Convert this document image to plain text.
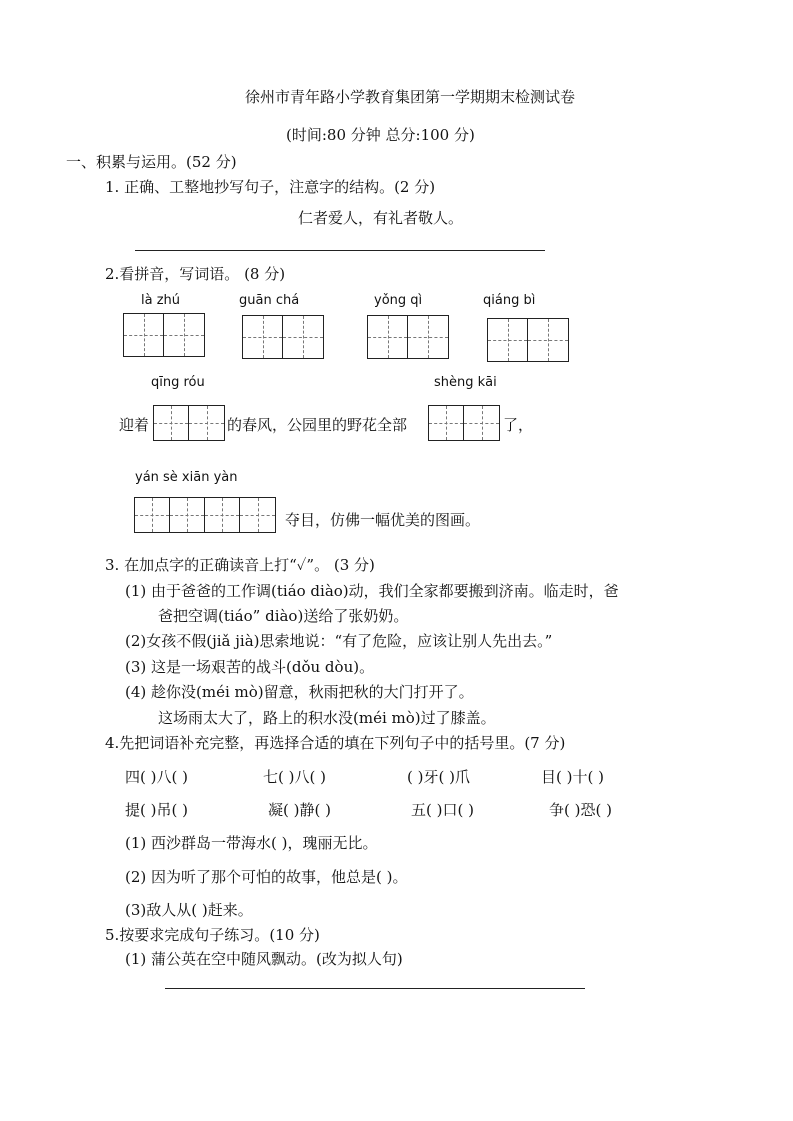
徐州市青年路小学教育集团第一学期期末检测试卷
(时间:80 分钟 总分:100 分)
一、积累与运用。(52 分)
1. 正确、工整地抄写句子，注意字的结构。(2 分)
仁者爱人，有礼者敬人。
2.看拼音，写词语。 (8 分)
là zhú	guān chá	yǒng qì	qiáng bì
qīng róu	shèng kāi
迎着	的春风，公园里的野花全部	了，
yán sè xiān yàn
夺目，仿佛一幅优美的图画。
3. 在加点字的正确读音上打“✓”。 (3 分)
(1) 由于爸爸的工作调(tiáo diào)动，我们全家都要搬到济南。临走时，爸
爸把空调(tiáo” diào)送给了张奶奶。
(2)女孩不假(jiǎ jià)思索地说：“有了危险，应该让别人先出去。”
(3) 这是一场艰苦的战斗(dǒu dòu)。
(4) 趁你没(méi mò)留意，秋雨把秋的大门打开了。
这场雨太大了，路上的积水没(méi mò)过了膝盖。
4.先把词语补充完整，再选择合适的填在下列句子中的括号里。(7 分)
四( )八( )	七( )八( )	( )牙( )爪	目( )十( )
提( )吊( )	凝( )静( )	五( )口( )	争( )恐( )
(1) 西沙群岛一带海水( )，瑰丽无比。
(2) 因为听了那个可怕的故事，他总是( )。
(3)敌人从( )赶来。
5.按要求完成句子练习。(10 分)
(1) 蒲公英在空中随风飘动。(改为拟人句)
